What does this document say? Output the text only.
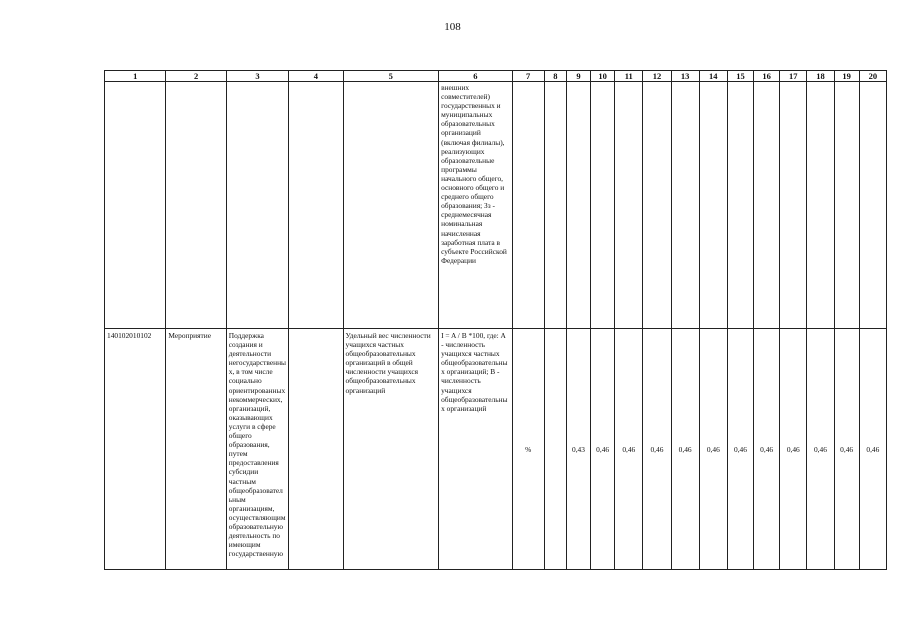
108
1	2	3	4	5	6	7	8	9	10	11	12	13	14	15	16	17	18	19	20
					внешних совместителей) государственных и муниципальных образовательных организаций (включая филиалы), реализующих образовательные программы начального общего, основного общего и среднего общего образования; Зз - среднемесячная номинальная начисленная заработная плата в субъекте Российской Федерации														
140102010102	Мероприятие	Поддержка создания и деятельности негосударственных, в том числе социально ориентированных некоммерческих, организаций, оказывающих услуги в сфере общего образования, путем предоставления субсидии частным общеобразовательным организациям, осуществляющим образовательную деятельность по имеющим государственную		Удельный вес численности учащихся частных общеобразовательных организаций в общей численности учащихся общеобразовательных организаций	I = A / B *100, где: А - численность учащихся частных общеобразовательных организаций; В - численность учащихся общеобразовательных организаций	%		0,43	0,46	0,46	0,46	0,46	0,46	0,46	0,46	0,46	0,46	0,46	0,46
